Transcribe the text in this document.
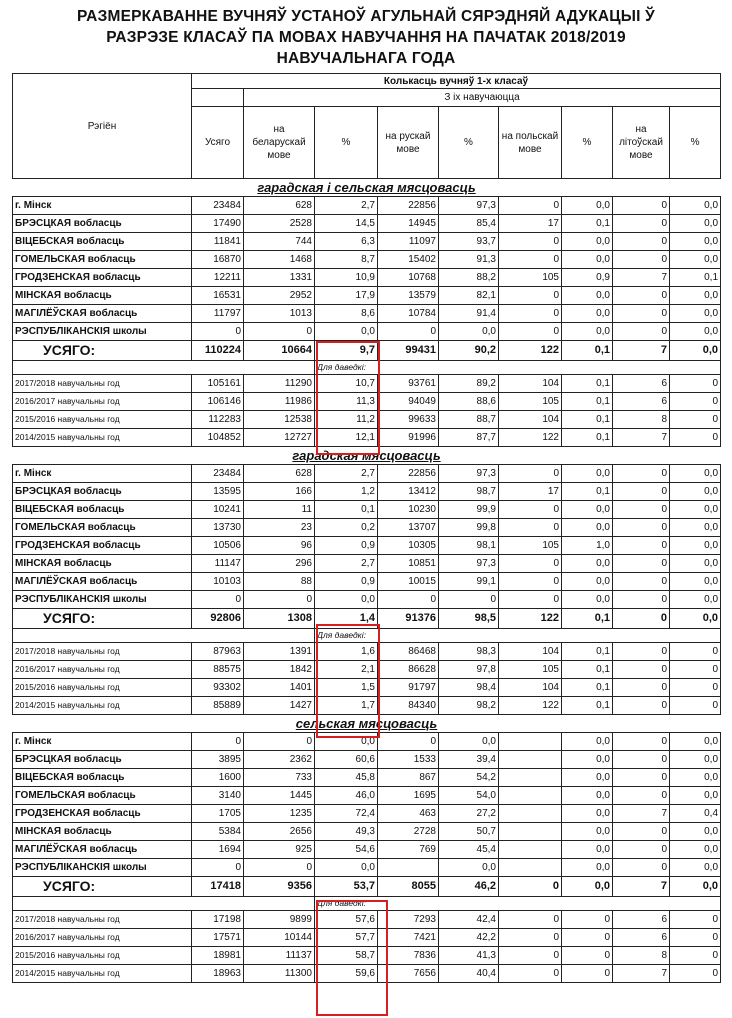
РАЗМЕРКАВАННЕ ВУЧНЯЎ УСТАНОЎ АГУЛЬНАЙ СЯРЭДНЯЙ АДУКАЦЫІ Ў
РАЗРЭЗЕ КЛАСАЎ ПА МОВАХ НАВУЧАННЯ НА ПАЧАТАК 2018/2019
НАВУЧАЛЬНАГА ГОДА
Рэгіён	Колькасць вучняў 1-х класаў								
		З іх навучаюцца							
	Усяго	на беларускай мове	%	на рускай мове	%	на польскай мове	%	на літоўскай мове	%
гарадская і сельская мясцовасць									
г. Мінск	23484	628	2,7	22856	97,3	0	0,0	0	0,0
БРЭСЦКАЯ вобласць	17490	2528	14,5	14945	85,4	17	0,1	0	0,0
ВІЦЕБСКАЯ вобласць	11841	744	6,3	11097	93,7	0	0,0	0	0,0
ГОМЕЛЬСКАЯ вобласць	16870	1468	8,7	15402	91,3	0	0,0	0	0,0
ГРОДЗЕНСКАЯ вобласць	12211	1331	10,9	10768	88,2	105	0,9	7	0,1
МІНСКАЯ вобласць	16531	2952	17,9	13579	82,1	0	0,0	0	0,0
МАГІЛЁЎСКАЯ вобласць	11797	1013	8,6	10784	91,4	0	0,0	0	0,0
РЭСПУБЛІКАНСКІЯ школы	0	0	0,0	0	0,0	0	0,0	0	0,0
УСЯГО:	110224	10664	9,7	99431	90,2	122	0,1	7	0,0
			Для даведкі:						
2017/2018 навучальны год	105161	11290	10,7	93761	89,2	104	0,1	6	0
2016/2017 навучальны год	106146	11986	11,3	94049	88,6	105	0,1	6	0
2015/2016 навучальны год	112283	12538	11,2	99633	88,7	104	0,1	8	0
2014/2015 навучальны год	104852	12727	12,1	91996	87,7	122	0,1	7	0
гарадская мясцовасць									
г. Мінск	23484	628	2,7	22856	97,3	0	0,0	0	0,0
БРЭСЦКАЯ вобласць	13595	166	1,2	13412	98,7	17	0,1	0	0,0
ВІЦЕБСКАЯ вобласць	10241	11	0,1	10230	99,9	0	0,0	0	0,0
ГОМЕЛЬСКАЯ вобласць	13730	23	0,2	13707	99,8	0	0,0	0	0,0
ГРОДЗЕНСКАЯ вобласць	10506	96	0,9	10305	98,1	105	1,0	0	0,0
МІНСКАЯ вобласць	11147	296	2,7	10851	97,3	0	0,0	0	0,0
МАГІЛЁЎСКАЯ вобласць	10103	88	0,9	10015	99,1	0	0,0	0	0,0
РЭСПУБЛІКАНСКІЯ школы	0	0	0,0	0	0	0	0,0	0	0,0
УСЯГО:	92806	1308	1,4	91376	98,5	122	0,1	0	0,0
			Для даведкі:						
2017/2018 навучальны год	87963	1391	1,6	86468	98,3	104	0,1	0	0
2016/2017 навучальны год	88575	1842	2,1	86628	97,8	105	0,1	0	0
2015/2016 навучальны год	93302	1401	1,5	91797	98,4	104	0,1	0	0
2014/2015 навучальны год	85889	1427	1,7	84340	98,2	122	0,1	0	0
сельская мясцовасць									
г. Мінск	0	0	0,0	0	0,0		0,0	0	0,0
БРЭСЦКАЯ вобласць	3895	2362	60,6	1533	39,4		0,0	0	0,0
ВІЦЕБСКАЯ вобласць	1600	733	45,8	867	54,2		0,0	0	0,0
ГОМЕЛЬСКАЯ вобласць	3140	1445	46,0	1695	54,0		0,0	0	0,0
ГРОДЗЕНСКАЯ вобласць	1705	1235	72,4	463	27,2		0,0	7	0,4
МІНСКАЯ вобласць	5384	2656	49,3	2728	50,7		0,0	0	0,0
МАГІЛЁЎСКАЯ вобласць	1694	925	54,6	769	45,4		0,0	0	0,0
РЭСПУБЛІКАНСКІЯ школы	0	0	0,0		0,0		0,0	0	0,0
УСЯГО:	17418	9356	53,7	8055	46,2	0	0,0	7	0,0
			Для даведкі:						
2017/2018 навучальны год	17198	9899	57,6	7293	42,4	0	0	6	0
2016/2017 навучальны год	17571	10144	57,7	7421	42,2	0	0	6	0
2015/2016 навучальны год	18981	11137	58,7	7836	41,3	0	0	8	0
2014/2015 навучальны год	18963	11300	59,6	7656	40,4	0	0	7	0
